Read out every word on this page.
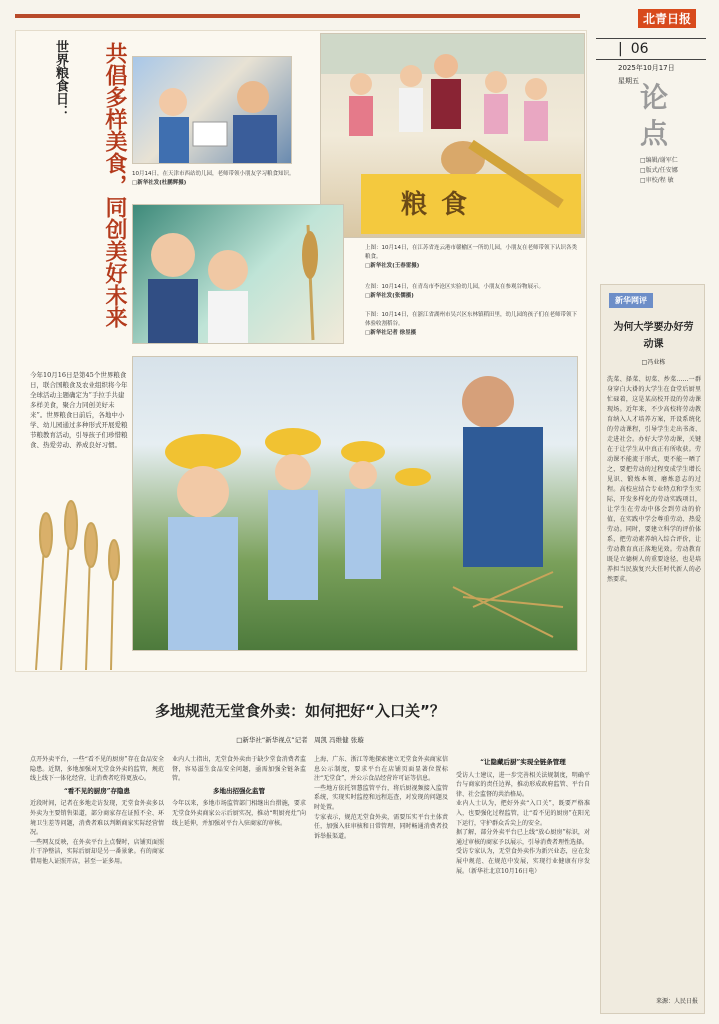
北青日报
| 06
2025年10月17日
星期五 论点
□编辑/谢军仁
□版式/任安娜
□审校/程 敏
世界粮食日：	共倡多样美食，同创美好未来
今年10月16日是第45个世界粮食日，联合国粮食及农业组织将今年全球活动主题确定为“手拉手共建多样美食，聚合力同创美好未来”。世界粮食日前后，各地中小学、幼儿园通过多种形式开展爱粮节粮教育活动，引导孩子们珍惜粮食、热爱劳动、养成良好习惯。
10月14日，在天津市西站幼儿园，老师带领小朋友学习粮食知识。
□新华社发(杜鹏辉摄)
粮食
上图：10月14日，在江苏省连云港市赣榆区一所幼儿园，小朋友在老师带领下认识各类粮食。
□新华社发(王春雷摄)
左图：10月14日，在青岛市李沧区实验幼儿园，小朋友在参观谷物展示。
□新华社发(张儒摄)
下图：10月14日，在浙江省湖州市吴兴区东林镇稻田里，幼儿园的孩子们在老师带领下体验收割稻谷。
□新华社记者 徐昱摄
新华网评
为何大学要办好劳动课
□冯业栋
洗菜、择菜、切菜、炒菜……一群身穿白大褂的大学生在食堂后厨里忙碌着，这是某高校开设的劳动课现场。近年来，不少高校将劳动教育纳入人才培养方案，开设系统化的劳动课程，引导学生走出书斋、走进社会。办好大学劳动课，关键在于让学生从中真正有所收获。劳动课不能流于形式，更不能一晒了之，要把劳动的过程变成学生增长见识、锻炼本领、磨炼意志的过程。高校应结合专业特点和学生实际，开发多样化的劳动实践项目，让学生在劳动中体会到劳动的价值，在实践中学会尊重劳动、热爱劳动。同时，要建立科学的评价体系，把劳动素养纳入综合评价，让劳动教育真正落地见效。劳动教育既是立德树人的重要途径，也是培养担当民族复兴大任时代新人的必然要求。
来源：人民日报
多地规范无堂食外卖：如何把好“入口关”？
□新华社“新华视点”记者　周凯 冯维健 张璇

点开外卖平台，一些“看不见的厨房”存在食品安全隐患。近期，多地加强对无堂食外卖的监管，规范线上线下一体化经营，让消费者吃得更放心。

“看不见的厨房”存隐患

近段时间，记者在多地走访发现，无堂食外卖多以外卖为主要销售渠道，部分商家存在证照不全、环境卫生差等问题，消费者难以判断商家实际经营情况。

一些网友反映，在外卖平台上点餐时，店铺页面照片干净整洁，实际后厨却是另一番景象。有的商家借用他人证照开店，甚至一证多用。

业内人士指出，无堂食外卖由于缺少堂食消费者监督，容易滋生食品安全问题，亟需加强全链条监管。

多地出招强化监管

今年以来，多地市场监管部门相继出台措施，要求无堂食外卖商家公示后厨实况，推动“明厨亮灶”向线上延伸，并加强对平台入驻商家的审核。

上海、广东、浙江等地探索建立无堂食外卖商家信息公示制度，要求平台在店铺页面显著位置标注“无堂食”，并公示食品经营许可证等信息。

一些地方依托智慧监管平台，将后厨视频接入监管系统，实现实时监控和远程巡查，对发现的问题及时处置。

专家表示，规范无堂食外卖，需要压实平台主体责任，加强入驻审核和日常管理，同时畅通消费者投诉举报渠道。

“让隐藏后厨”实现全链条管理

受访人士建议，进一步完善相关法规制度，明确平台与商家的责任边界，推动形成政府监管、平台自律、社会监督的共治格局。

业内人士认为，把好外卖“入口关”，既要严格准入，也要强化过程监管，让“看不见的厨房”在阳光下运行，守护群众舌尖上的安全。

据了解，部分外卖平台已上线“放心厨房”标识，对通过审核的商家予以展示，引导消费者理性选择。

受访专家认为，无堂食外卖作为新兴业态，应在发展中规范、在规范中发展，实现行业健康有序发展。（新华社北京10月16日电）
